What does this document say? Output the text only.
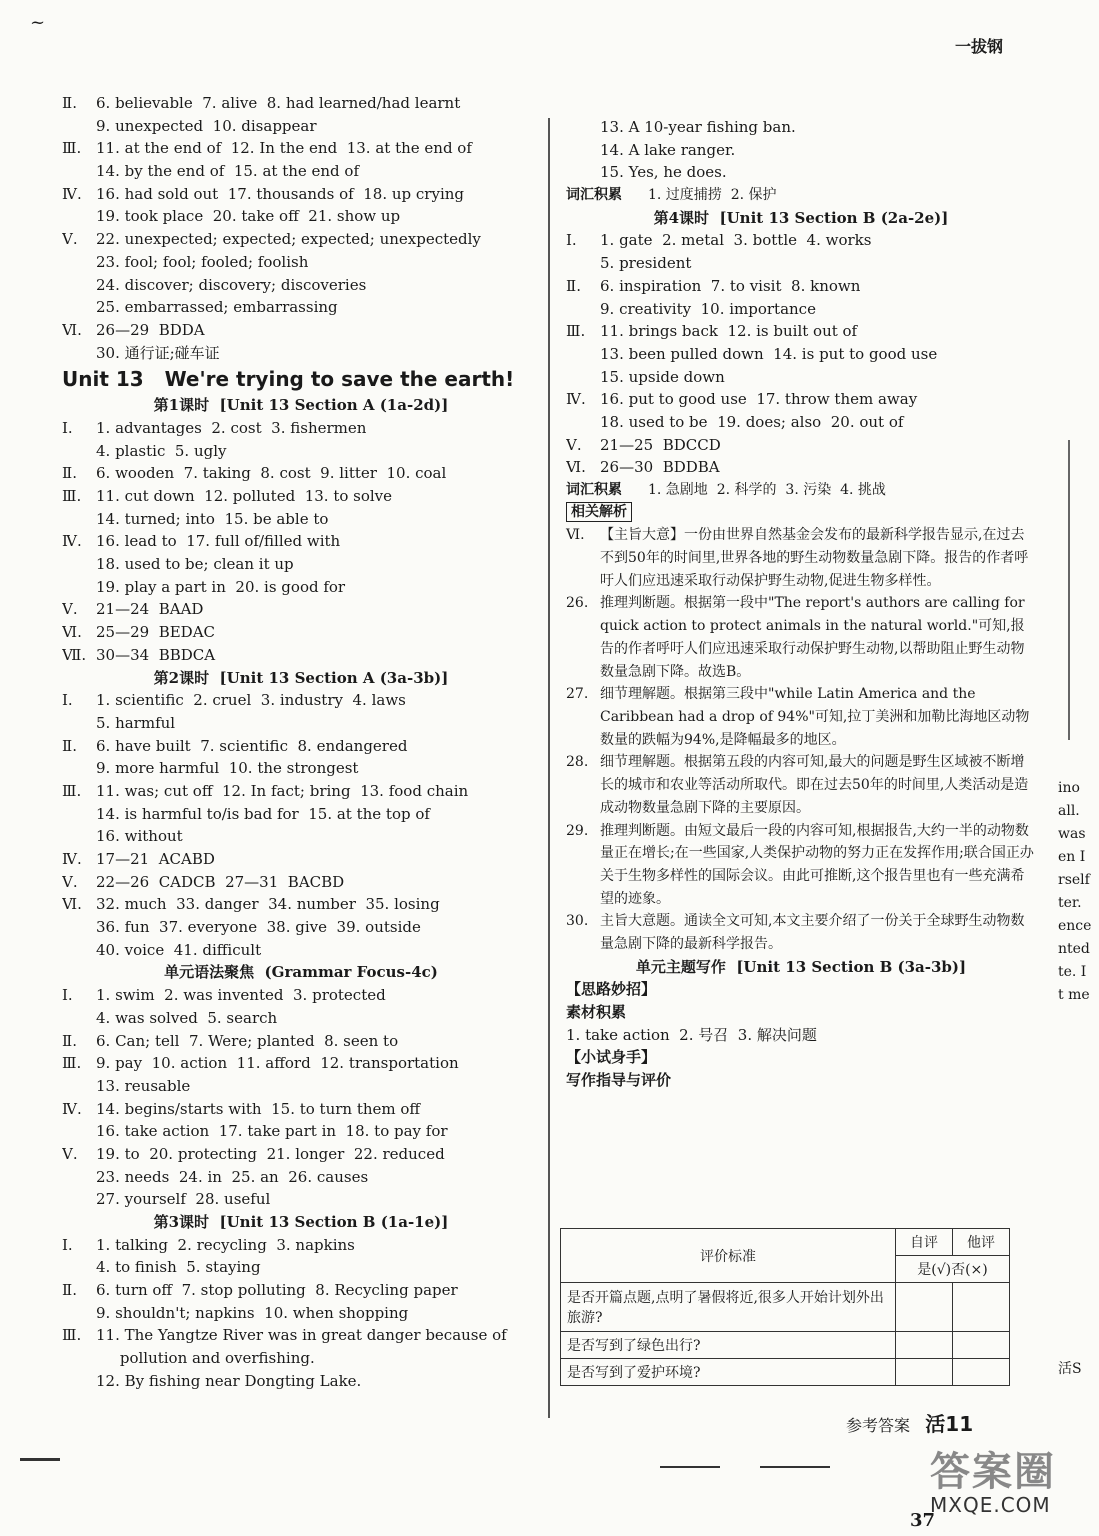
~
一拔钢
Ⅱ.	6. believable  7. alive  8. had learned/had learnt
9. unexpected  10. disappear
Ⅲ. 11. at the end of  12. In the end  13. at the end of
14. by the end of  15. at the end of
Ⅳ. 16. had sold out  17. thousands of  18. up crying
19. took place  20. take off  21. show up
Ⅴ.	22. unexpected; expected; expected; unexpectedly
23. fool; fool; fooled; foolish
24. discover; discovery; discoveries
25. embarrassed; embarrassing
Ⅵ. 26—29  BDDA
30. 通行证;碰车证
Unit 13   We're trying to save the earth!
第1课时  [Unit 13 Section A (1a-2d)]
Ⅰ.	1. advantages  2. cost  3. fishermen
4. plastic  5. ugly
Ⅱ.	6. wooden  7. taking  8. cost  9. litter  10. coal
Ⅲ. 11. cut down  12. polluted  13. to solve
14. turned; into  15. be able to
Ⅳ. 16. lead to  17. full of/filled with
18. used to be; clean it up
19. play a part in  20. is good for
Ⅴ.	21—24  BAAD
Ⅵ. 25—29  BEDAC
Ⅶ. 30—34  BBDCA
第2课时  [Unit 13 Section A (3a-3b)]
Ⅰ.	1. scientific  2. cruel  3. industry  4. laws
5. harmful
Ⅱ.	6. have built  7. scientific  8. endangered
9. more harmful  10. the strongest
Ⅲ. 11. was; cut off  12. In fact; bring  13. food chain
14. is harmful to/is bad for  15. at the top of
16. without
Ⅳ. 17—21  ACABD
Ⅴ.	22—26  CADCB  27—31  BACBD
Ⅵ. 32. much  33. danger  34. number  35. losing
36. fun  37. everyone  38. give  39. outside
40. voice  41. difficult
单元语法聚焦  (Grammar Focus-4c)
Ⅰ.	1. swim  2. was invented  3. protected
4. was solved  5. search
Ⅱ.	6. Can; tell  7. Were; planted  8. seen to
Ⅲ. 9. pay  10. action  11. afford  12. transportation
13. reusable
Ⅳ. 14. begins/starts with  15. to turn them off
16. take action  17. take part in  18. to pay for
Ⅴ.	19. to  20. protecting  21. longer  22. reduced
23. needs  24. in  25. an  26. causes
27. yourself  28. useful
第3课时  [Unit 13 Section B (1a-1e)]
Ⅰ.	1. talking  2. recycling  3. napkins
4. to finish  5. staying
Ⅱ.	6. turn off  7. stop polluting  8. Recycling paper
9. shouldn't; napkins  10. when shopping
Ⅲ. 11. The Yangtze River was in great danger because of
pollution and overfishing.
12. By fishing near Dongting Lake.
13. A 10-year fishing ban.
14. A lake ranger.
15. Yes, he does.
词汇积累	1. 过度捕捞  2. 保护
第4课时  [Unit 13 Section B (2a-2e)]
Ⅰ.	1. gate  2. metal  3. bottle  4. works
5. president
Ⅱ.	6. inspiration  7. to visit  8. known
9. creativity  10. importance
Ⅲ. 11. brings back  12. is built out of
13. been pulled down  14. is put to good use
15. upside down
Ⅳ. 16. put to good use  17. throw them away
18. used to be  19. does; also  20. out of
Ⅴ.	21—25  BDCCD
Ⅵ. 26—30  BDDBA
词汇积累	1. 急剧地  2. 科学的  3. 污染  4. 挑战
相关解析
Ⅵ. 【主旨大意】一份由世界自然基金会发布的最新科学报告显示,在过去不到50年的时间里,世界各地的野生动物数量急剧下降。报告的作者呼吁人们应迅速采取行动保护野生动物,促进生物多样性。
26. 推理判断题。根据第一段中"The report's authors are calling for quick action to protect animals in the natural world."可知,报告的作者呼吁人们应迅速采取行动保护野生动物,以帮助阻止野生动物数量急剧下降。故选B。
27. 细节理解题。根据第三段中"while Latin America and the Caribbean had a drop of 94%"可知,拉丁美洲和加勒比海地区动物数量的跌幅为94%,是降幅最多的地区。
28. 细节理解题。根据第五段的内容可知,最大的问题是野生区域被不断增长的城市和农业等活动所取代。即在过去50年的时间里,人类活动是造成动物数量急剧下降的主要原因。
29. 推理判断题。由短文最后一段的内容可知,根据报告,大约一半的动物数量正在增长;在一些国家,人类保护动物的努力正在发挥作用;联合国正办关于生物多样性的国际会议。由此可推断,这个报告里也有一些充满希望的迹象。
30. 主旨大意题。通读全文可知,本文主要介绍了一份关于全球野生动物数量急剧下降的最新科学报告。
单元主题写作  [Unit 13 Section B (3a-3b)]
【思路妙招】
素材积累
1. take action  2. 号召  3. 解决问题
【小试身手】
写作指导与评价
评价标准	自评	他评
	是(√)否(×)	
是否开篇点题,点明了暑假将近,很多人开始计划外出旅游?		
是否写到了绿色出行?		
是否写到了爱护环境?		
参考答案 活11
答案圈
MXQE.COM
37
ino
all.
was
en I
rself
ter.
ence
nted
te. I
t me
活S
